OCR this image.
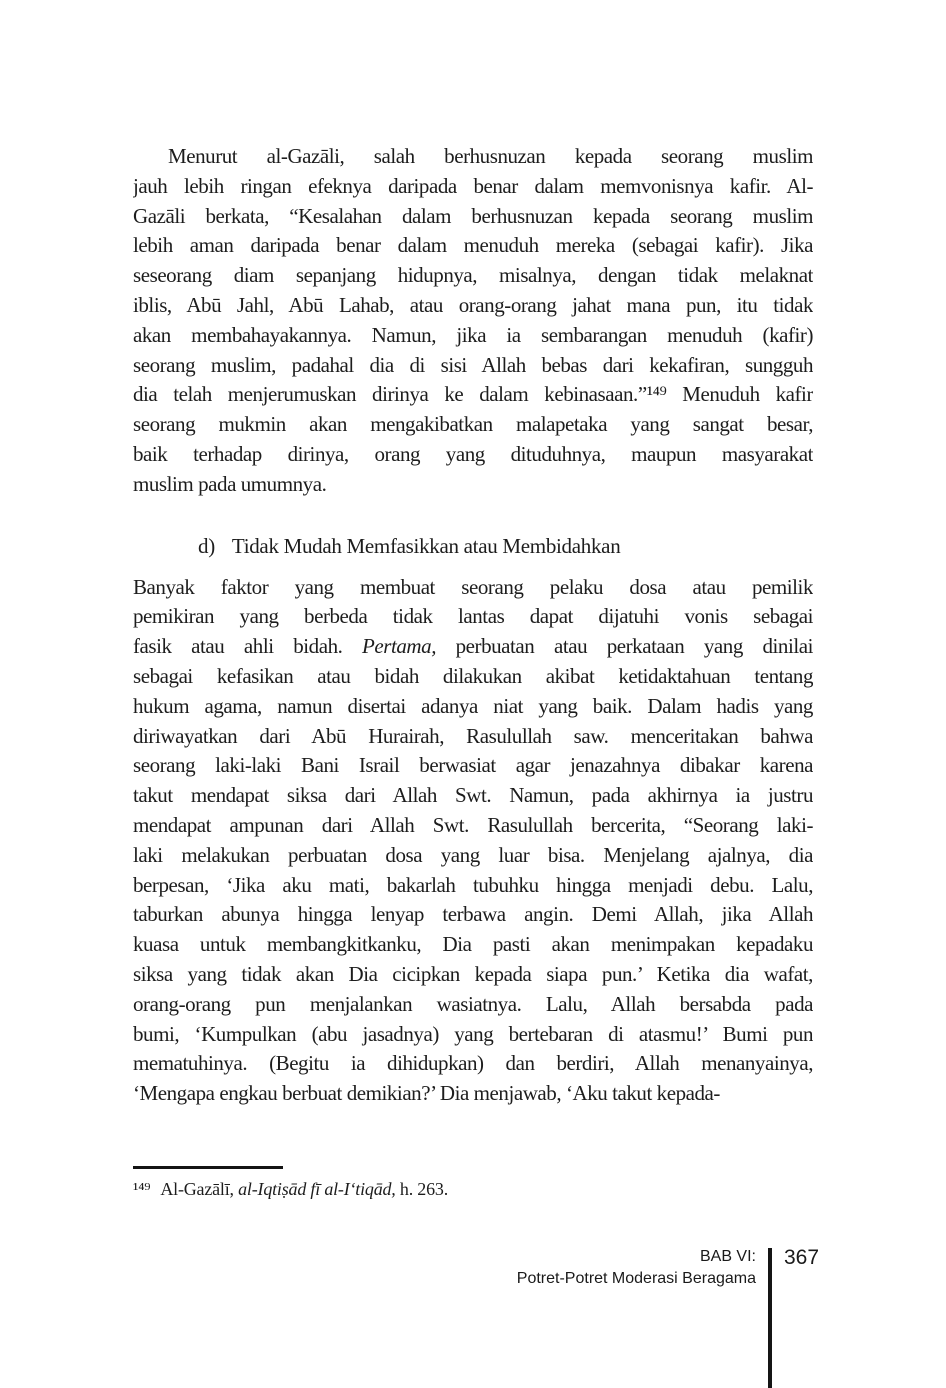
Menurut al-Gazāli, salah berhusnuzan kepada seorang muslim
jauh lebih ringan efeknya daripada benar dalam memvonisnya kafir. Al-
Gazāli berkata, “Kesalahan dalam berhusnuzan kepada seorang muslim
lebih aman daripada benar dalam menuduh mereka (sebagai kafir). Jika
seseorang diam sepanjang hidupnya, misalnya, dengan tidak melaknat
iblis, Abū Jahl, Abū Lahab, atau orang-orang jahat mana pun, itu tidak
akan membahayakannya. Namun, jika ia sembarangan menuduh (kafir)
seorang muslim, padahal dia di sisi Allah bebas dari kekafiran, sungguh
dia telah menjerumuskan dirinya ke dalam kebinasaan.”¹⁴⁹ Menuduh kafir
seorang mukmin akan mengakibatkan malapetaka yang sangat besar,
baik terhadap dirinya, orang yang dituduhnya, maupun masyarakat
muslim pada umumnya.
d) Tidak Mudah Memfasikkan atau Membidahkan
Banyak faktor yang membuat seorang pelaku dosa atau pemilik
pemikiran yang berbeda tidak lantas dapat dijatuhi vonis sebagai
fasik atau ahli bidah. Pertama, perbuatan atau perkataan yang dinilai
sebagai kefasikan atau bidah dilakukan akibat ketidaktahuan tentang
hukum agama, namun disertai adanya niat yang baik. Dalam hadis yang
diriwayatkan dari Abū Hurairah, Rasulullah saw. menceritakan bahwa
seorang laki-laki Bani Israil berwasiat agar jenazahnya dibakar karena
takut mendapat siksa dari Allah Swt. Namun, pada akhirnya ia justru
mendapat ampunan dari Allah Swt. Rasulullah bercerita, “Seorang laki-
laki melakukan perbuatan dosa yang luar bisa. Menjelang ajalnya, dia
berpesan, ‘Jika aku mati, bakarlah tubuhku hingga menjadi debu. Lalu,
taburkan abunya hingga lenyap terbawa angin. Demi Allah, jika Allah
kuasa untuk membangkitkanku, Dia pasti akan menimpakan kepadaku
siksa yang tidak akan Dia cicipkan kepada siapa pun.’ Ketika dia wafat,
orang-orang pun menjalankan wasiatnya. Lalu, Allah bersabda pada
bumi, ‘Kumpulkan (abu jasadnya) yang bertebaran di atasmu!’ Bumi pun
mematuhinya. (Begitu ia dihidupkan) dan berdiri, Allah menanyainya,
‘Mengapa engkau berbuat demikian?’ Dia menjawab, ‘Aku takut kepada-
¹⁴⁹ Al-Gazālī, al-Iqtiṣād fī al-I‘tiqād, h. 263.
BAB VI:
Potret-Potret Moderasi Beragama
367
